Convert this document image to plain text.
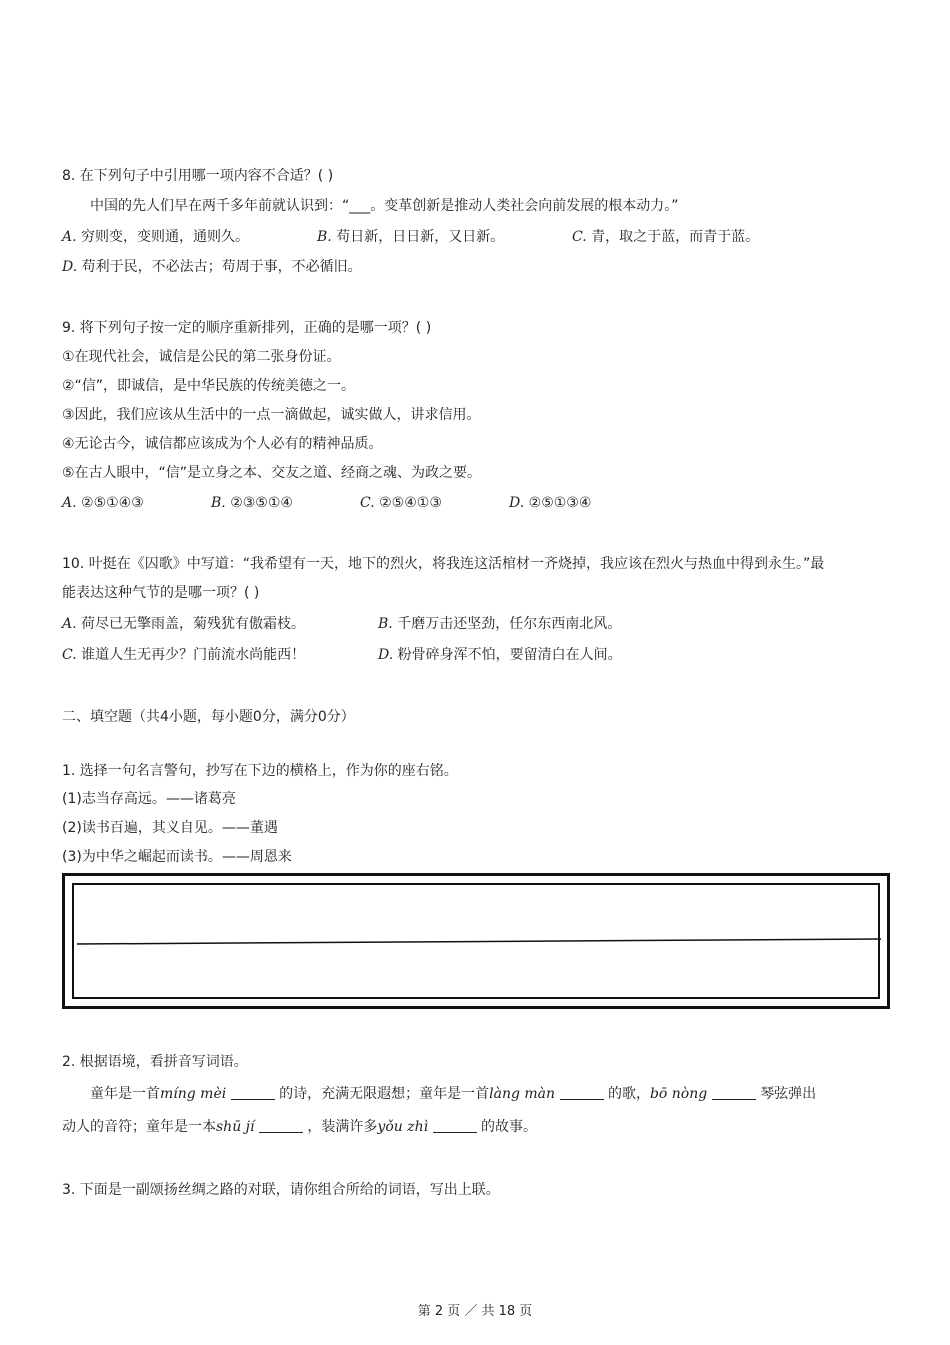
8. 在下列句子中引用哪一项内容不合适？( )
中国的先人们早在两千多年前就认识到：“___。变革创新是推动人类社会向前发展的根本动力。”
A. 穷则变，变则通，通则久。	B. 苟日新，日日新，又日新。	C. 青，取之于蓝，而青于蓝。
D. 苟利于民，不必法古；苟周于事，不必循旧。
9. 将下列句子按一定的顺序重新排列，正确的是哪一项？( )
①在现代社会，诚信是公民的第二张身份证。
②“信”，即诚信，是中华民族的传统美德之一。
③因此，我们应该从生活中的一点一滴做起，诚实做人，讲求信用。
④无论古今，诚信都应该成为个人必有的精神品质。
⑤在古人眼中，“信”是立身之本、交友之道、经商之魂、为政之要。
A. ②⑤①④③	B. ②③⑤①④	C. ②⑤④①③	D. ②⑤①③④
10. 叶挺在《囚歌》中写道：“我希望有一天，地下的烈火，将我连这活棺材一齐烧掉，我应该在烈火与热血中得到永生。”最
能表达这种气节的是哪一项？( )
A. 荷尽已无擎雨盖，菊残犹有傲霜枝。	B. 千磨万击还坚劲，任尔东西南北风。
C. 谁道人生无再少？门前流水尚能西！	D. 粉骨碎身浑不怕，要留清白在人间。
二、填空题（共4小题，每小题0分，满分0分）
1. 选择一句名言警句，抄写在下边的横格上，作为你的座右铭。
(1)志当存高远。——诸葛亮
(2)读书百遍，其义自见。——董遇
(3)为中华之崛起而读书。——周恩来
2. 根据语境，看拼音写词语。
童年是一首míng mèi	的诗，充满无限遐想；童年是一首làng màn	的歌，bō nòng	琴弦弹出
动人的音符；童年是一本shū jí	，装满许多yǒu zhì	的故事。
3. 下面是一副颂扬丝绸之路的对联，请你组合所给的词语，写出上联。
第 2 页 ／ 共 18 页
